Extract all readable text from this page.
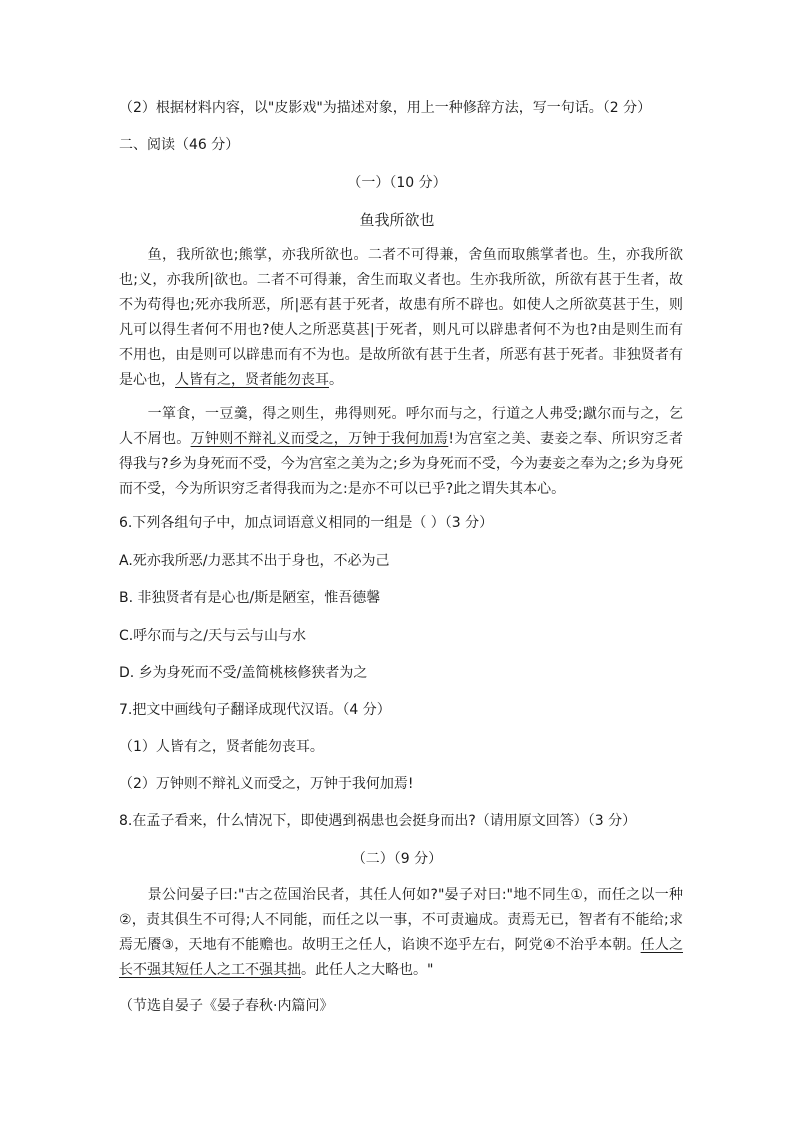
（2）根据材料内容，以"皮影戏"为描述对象，用上一种修辞方法，写一句话。（2 分）
二、阅读（46 分）
（一）（10 分）
鱼我所欲也
　　鱼，我所欲也;熊掌，亦我所欲也。二者不可得兼，舍鱼而取熊掌者也。生，亦我所欲也;义，亦我所|欲也。二者不可得兼，舍生而取义者也。生亦我所欲，所欲有甚于生者，故不为苟得也;死亦我所恶，所|恶有甚于死者，故患有所不辟也。如使人之所欲莫甚于生，则凡可以得生者何不用也?使人之所恶莫甚|于死者，则凡可以辟患者何不为也?由是则生而有不用也，由是则可以辟患而有不为也。是故所欲有甚于生者，所恶有甚于死者。非独贤者有是心也，人皆有之，贤者能勿丧耳。
　　一箪食，一豆羹，得之则生，弗得则死。呼尔而与之，行道之人弗受;蹴尔而与之，乞人不屑也。万钟则不辩礼义而受之，万钟于我何加焉!为宫室之美、妻妾之奉、所识穷乏者得我与?乡为身死而不受，今为宫室之美为之;乡为身死而不受，今为妻妾之奉为之;乡为身死而不受，今为所识穷乏者得我而为之:是亦不可以已乎?此之谓失其本心。
6.下列各组句子中，加点词语意义相同的一组是（ ）（3 分）
A.死亦我所恶/力恶其不出于身也，不必为己
B. 非独贤者有是心也/斯是陋室，惟吾德馨
C.呼尔而与之/天与云与山与水
D. 乡为身死而不受/盖简桃核修狭者为之
7.把文中画线句子翻译成现代汉语。（4 分）
（1）人皆有之，贤者能勿丧耳。
（2）万钟则不辩礼义而受之，万钟于我何加焉!
8.在孟子看来，什么情况下，即使遇到祸患也会挺身而出?（请用原文回答）（3 分）
（二）（9 分）
　　景公问晏子曰:"古之莅国治民者，其任人何如?"晏子对曰:"地不同生①，而任之以一种②，责其俱生不可得;人不同能，而任之以一事，不可责遍成。责焉无已，智者有不能给;求焉无餍③，天地有不能赡也。故明王之任人，谄谀不迩乎左右，阿党④不治乎本朝。任人之长不强其短任人之工不强其拙。此任人之大略也。"
（节选自晏子《晏子春秋·内篇问》
